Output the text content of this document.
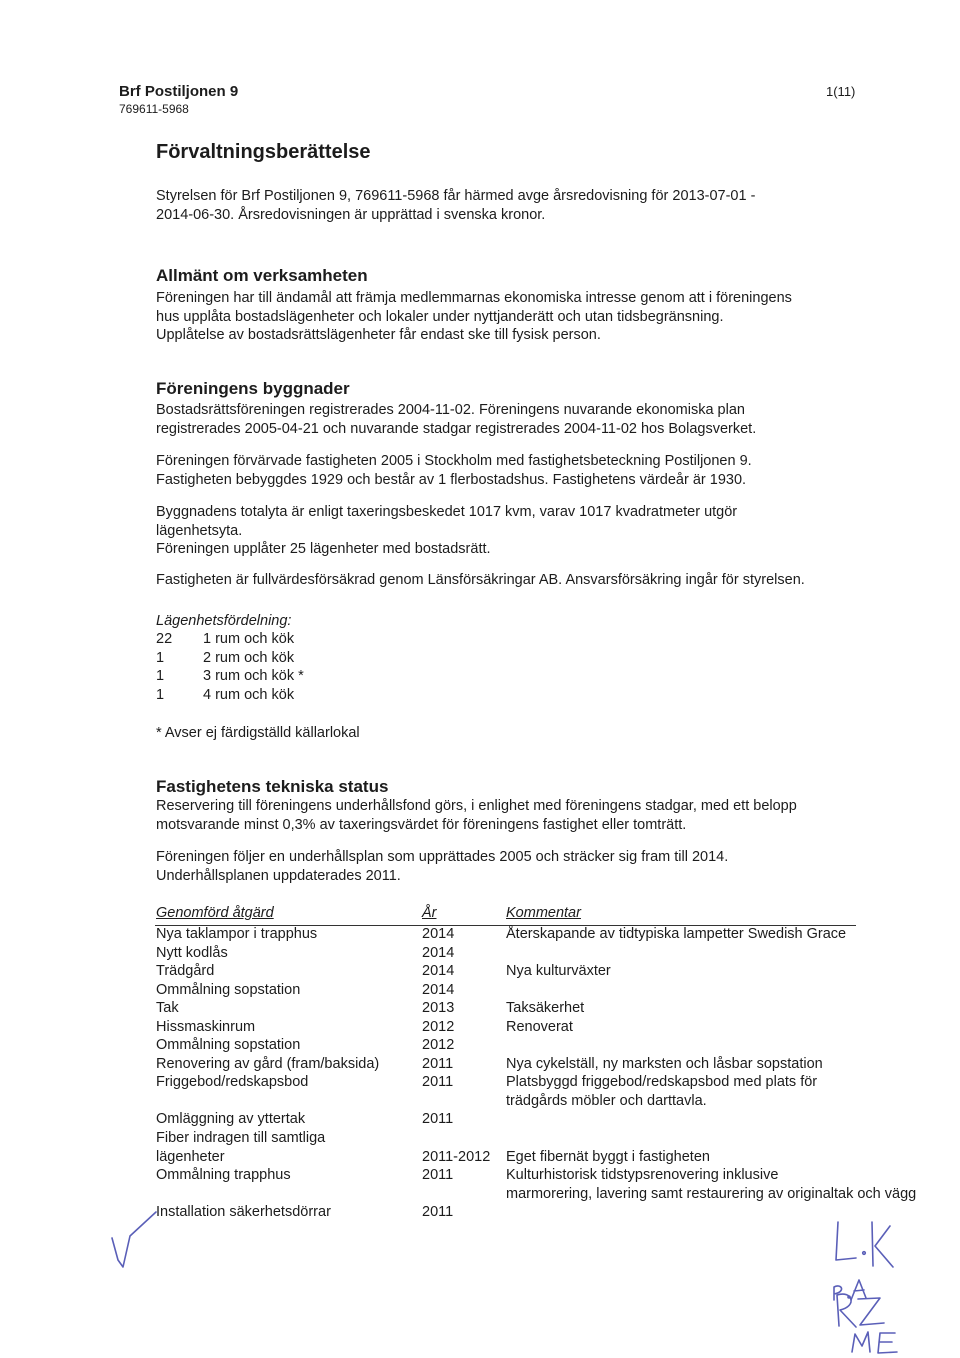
Brf Postiljonen 9
769611-5968
1(11)
Förvaltningsberättelse
Styrelsen för Brf Postiljonen 9, 769611-5968 får härmed avge årsredovisning för 2013-07-01 -
2014-06-30. Årsredovisningen är upprättad i svenska kronor.
Allmänt om verksamheten
Föreningen har till ändamål att främja medlemmarnas ekonomiska intresse genom att i föreningens
hus upplåta bostadslägenheter och lokaler under nyttjanderätt och utan tidsbegränsning.
Upplåtelse av bostadsrättslägenheter får endast ske till fysisk person.
Föreningens byggnader
Bostadsrättsföreningen registrerades 2004-11-02. Föreningens nuvarande ekonomiska plan
registrerades 2005-04-21 och nuvarande stadgar registrerades 2004-11-02 hos Bolagsverket.
Föreningen förvärvade fastigheten 2005 i Stockholm med fastighetsbeteckning Postiljonen 9.
Fastigheten bebyggdes 1929 och består av 1 flerbostadshus. Fastighetens värdeår är 1930.
Byggnadens totalyta är enligt taxeringsbeskedet 1017 kvm, varav 1017 kvadratmeter utgör
lägenhetsyta.
Föreningen upplåter 25 lägenheter med bostadsrätt.
Fastigheten är fullvärdesförsäkrad genom Länsförsäkringar AB. Ansvarsförsäkring ingår för styrelsen.
Lägenhetsfördelning:
22 1 rum och kök
1	2 rum och kök
1	3 rum och kök *
1	4 rum och kök
* Avser ej färdigställd källarlokal
Fastighetens tekniska status
Reservering till föreningens underhållsfond görs, i enlighet med föreningens stadgar, med ett belopp
motsvarande minst 0,3% av taxeringsvärdet för föreningens fastighet eller tomträtt.
Föreningen följer en underhållsplan som upprättades 2005 och sträcker sig fram till 2014.
Underhållsplanen uppdaterades 2011.
Genomförd åtgärd	År	Kommentar
Nya taklampor i trapphus	2014	Återskapande av tidtypiska lampetter Swedish Grace
Nytt kodlås	2014
Trädgård	2014	Nya kulturväxter
Ommålning sopstation	2014
Tak	2013	Taksäkerhet
Hissmaskinrum	2012	Renoverat
Ommålning sopstation	2012
Renovering av gård (fram/baksida)	2011	Nya cykelställ, ny marksten och låsbar sopstation
Friggebod/redskapsbod	2011	Platsbyggd friggebod/redskapsbod med plats för
trädgårds möbler och darttavla.
Omläggning av yttertak	2011
Fiber indragen till samtliga
lägenheter	2011-2012 Eget fibernät byggt i fastigheten
Ommålning trapphus	2011	Kulturhistorisk tidstypsrenovering inklusive
marmorering, lavering samt restaurering av originaltak och vägg
Installation säkerhetsdörrar	2011
